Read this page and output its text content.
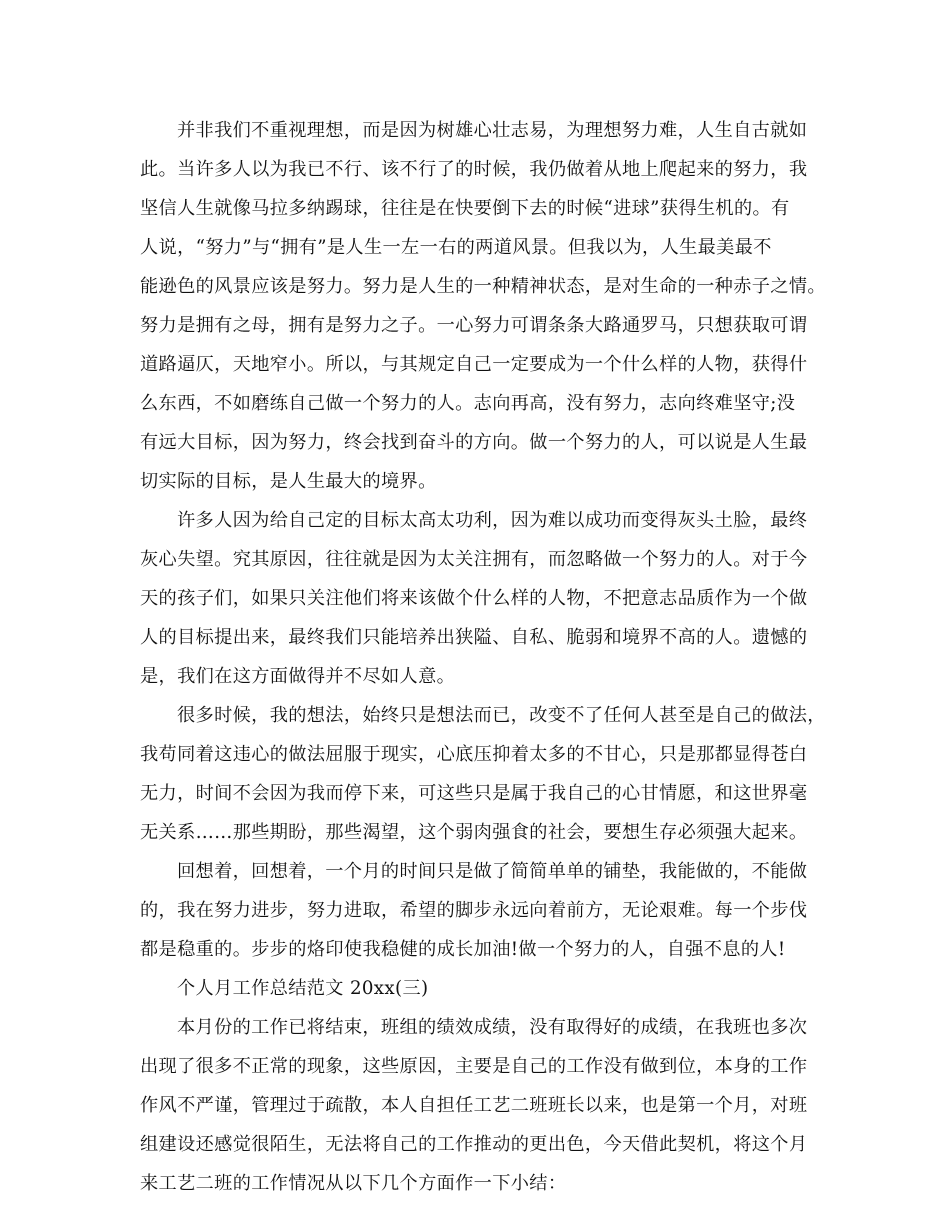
并非我们不重视理想，而是因为树雄心壮志易，为理想努力难，人生自古就如
此。当许多人以为我已不行、该不行了的时候，我仍做着从地上爬起来的努力，我
坚信人生就像马拉多纳踢球，往往是在快要倒下去的时候“进球”获得生机的。有
人说，“努力”与“拥有”是人生一左一右的两道风景。但我以为，人生最美最不
能逊色的风景应该是努力。努力是人生的一种精神状态，是对生命的一种赤子之情。
努力是拥有之母，拥有是努力之子。一心努力可谓条条大路通罗马，只想获取可谓
道路逼仄，天地窄小。所以，与其规定自己一定要成为一个什么样的人物，获得什
么东西，不如磨练自己做一个努力的人。志向再高，没有努力，志向终难坚守;没
有远大目标，因为努力，终会找到奋斗的方向。做一个努力的人，可以说是人生最
切实际的目标，是人生最大的境界。
许多人因为给自己定的目标太高太功利，因为难以成功而变得灰头土脸，最终
灰心失望。究其原因，往往就是因为太关注拥有，而忽略做一个努力的人。对于今
天的孩子们，如果只关注他们将来该做个什么样的人物，不把意志品质作为一个做
人的目标提出来，最终我们只能培养出狭隘、自私、脆弱和境界不高的人。遗憾的
是，我们在这方面做得并不尽如人意。
很多时候，我的想法，始终只是想法而已，改变不了任何人甚至是自己的做法，
我苟同着这违心的做法屈服于现实，心底压抑着太多的不甘心，只是那都显得苍白
无力，时间不会因为我而停下来，可这些只是属于我自己的心甘情愿，和这世界毫
无关系……那些期盼，那些渴望，这个弱肉强食的社会，要想生存必须强大起来。
回想着，回想着，一个月的时间只是做了简简单单的铺垫，我能做的，不能做
的，我在努力进步，努力进取，希望的脚步永远向着前方，无论艰难。每一个步伐
都是稳重的。步步的烙印使我稳健的成长加油!做一个努力的人，自强不息的人!
个人月工作总结范文 20xx(三)
本月份的工作已将结束，班组的绩效成绩，没有取得好的成绩，在我班也多次
出现了很多不正常的现象，这些原因，主要是自己的工作没有做到位，本身的工作
作风不严谨，管理过于疏散，本人自担任工艺二班班长以来，也是第一个月，对班
组建设还感觉很陌生，无法将自己的工作推动的更出色，今天借此契机，将这个月
来工艺二班的工作情况从以下几个方面作一下小结：
